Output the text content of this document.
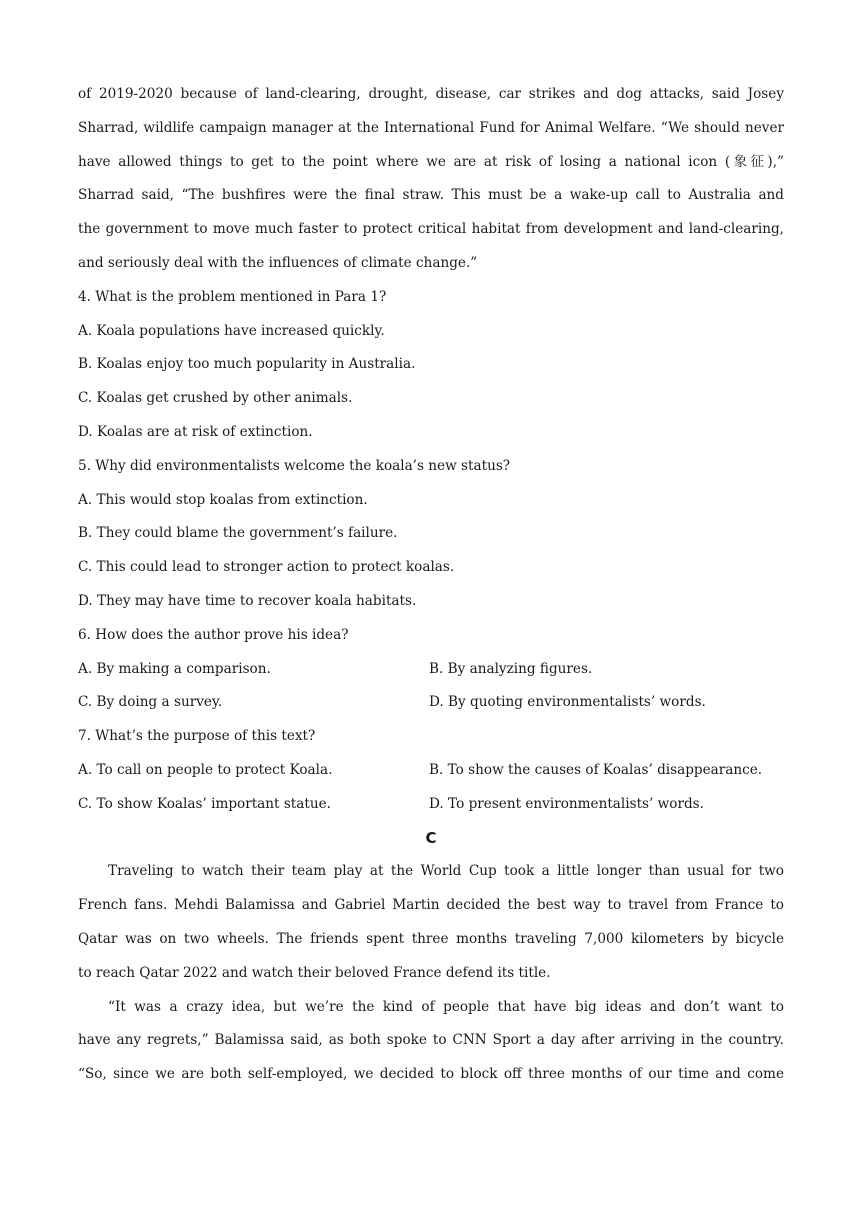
of 2019-2020 because of land-clearing, drought, disease, car strikes and dog attacks, said Josey
Sharrad, wildlife campaign manager at the International Fund for Animal Welfare. “We should never
have allowed things to get to the point where we are at risk of losing a national icon (象征),”
Sharrad said, “The bushfires were the final straw. This must be a wake-up call to Australia and
the government to move much faster to protect critical habitat from development and land-clearing,
and seriously deal with the influences of climate change.”
4. What is the problem mentioned in Para 1?
A. Koala populations have increased quickly.
B. Koalas enjoy too much popularity in Australia.
C. Koalas get crushed by other animals.
D. Koalas are at risk of extinction.
5. Why did environmentalists welcome the koala’s new status?
A. This would stop koalas from extinction.
B. They could blame the government’s failure.
C. This could lead to stronger action to protect koalas.
D. They may have time to recover koala habitats.
6. How does the author prove his idea?
A. By making a comparison.	B. By analyzing figures.
C. By doing a survey.	D. By quoting environmentalists’ words.
7. What’s the purpose of this text?
A. To call on people to protect Koala.	B. To show the causes of Koalas’ disappearance.
C. To show Koalas’ important statue.	D. To present environmentalists’ words.
C
Traveling to watch their team play at the World Cup took a little longer than usual for two
French fans. Mehdi Balamissa and Gabriel Martin decided the best way to travel from France to
Qatar was on two wheels. The friends spent three months traveling 7,000 kilometers by bicycle
to reach Qatar 2022 and watch their beloved France defend its title.
“It was a crazy idea, but we’re the kind of people that have big ideas and don’t want to
have any regrets,” Balamissa said, as both spoke to CNN Sport a day after arriving in the country.
“So, since we are both self-employed, we decided to block off three months of our time and come
